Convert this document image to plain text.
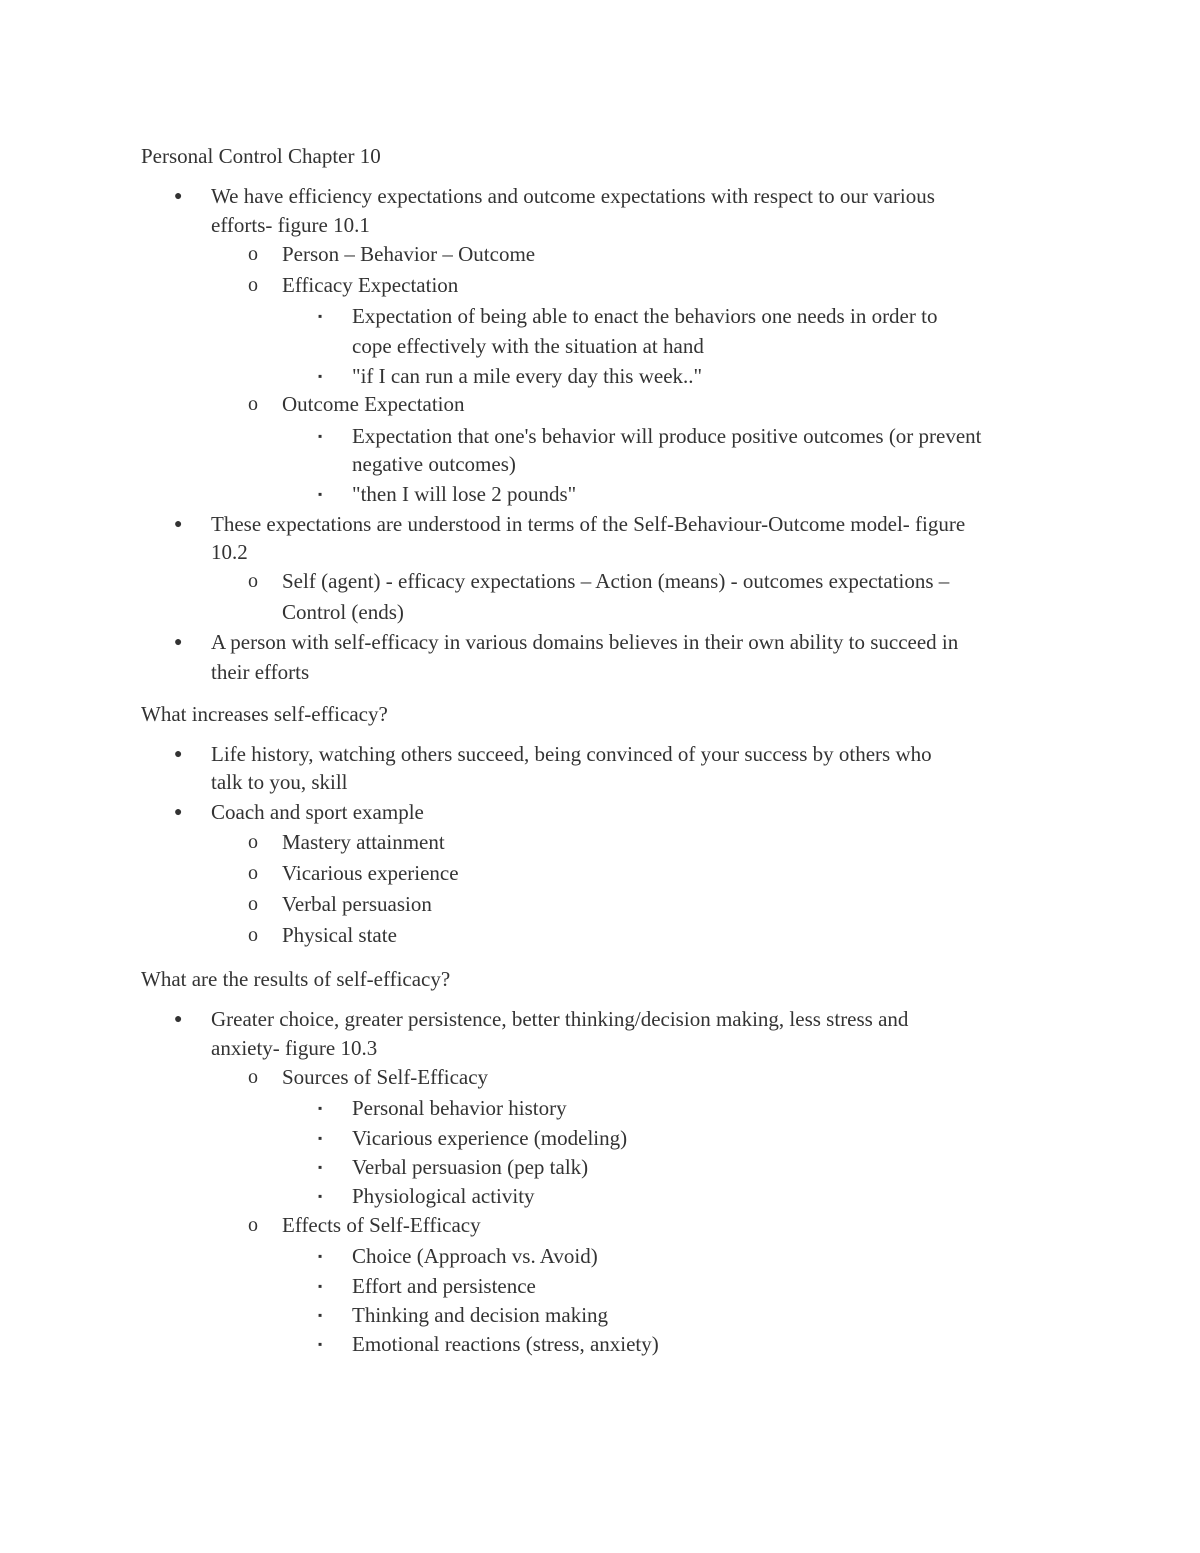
Personal Control Chapter 10
● We have efficiency expectations and outcome expectations with respect to our various
efforts- figure 10.1
o Person – Behavior – Outcome
o Efficacy Expectation
▪ Expectation of being able to enact the behaviors one needs in order to
cope effectively with the situation at hand
▪ "if I can run a mile every day this week.."
o Outcome Expectation
▪ Expectation that one's behavior will produce positive outcomes (or prevent
negative outcomes)
▪ "then I will lose 2 pounds"
● These expectations are understood in terms of the Self-Behaviour-Outcome model- figure
10.2
o Self (agent) - efficacy expectations – Action (means) - outcomes expectations –
Control (ends)
● A person with self-efficacy in various domains believes in their own ability to succeed in
their efforts
What increases self-efficacy?
● Life history, watching others succeed, being convinced of your success by others who
talk to you, skill
● Coach and sport example
o Mastery attainment
o Vicarious experience
o Verbal persuasion
o Physical state
What are the results of self-efficacy?
● Greater choice, greater persistence, better thinking/decision making, less stress and
anxiety- figure 10.3
o Sources of Self-Efficacy
▪ Personal behavior history
▪ Vicarious experience (modeling)
▪ Verbal persuasion (pep talk)
▪ Physiological activity
o Effects of Self-Efficacy
▪ Choice (Approach vs. Avoid)
▪ Effort and persistence
▪ Thinking and decision making
▪ Emotional reactions (stress, anxiety)
